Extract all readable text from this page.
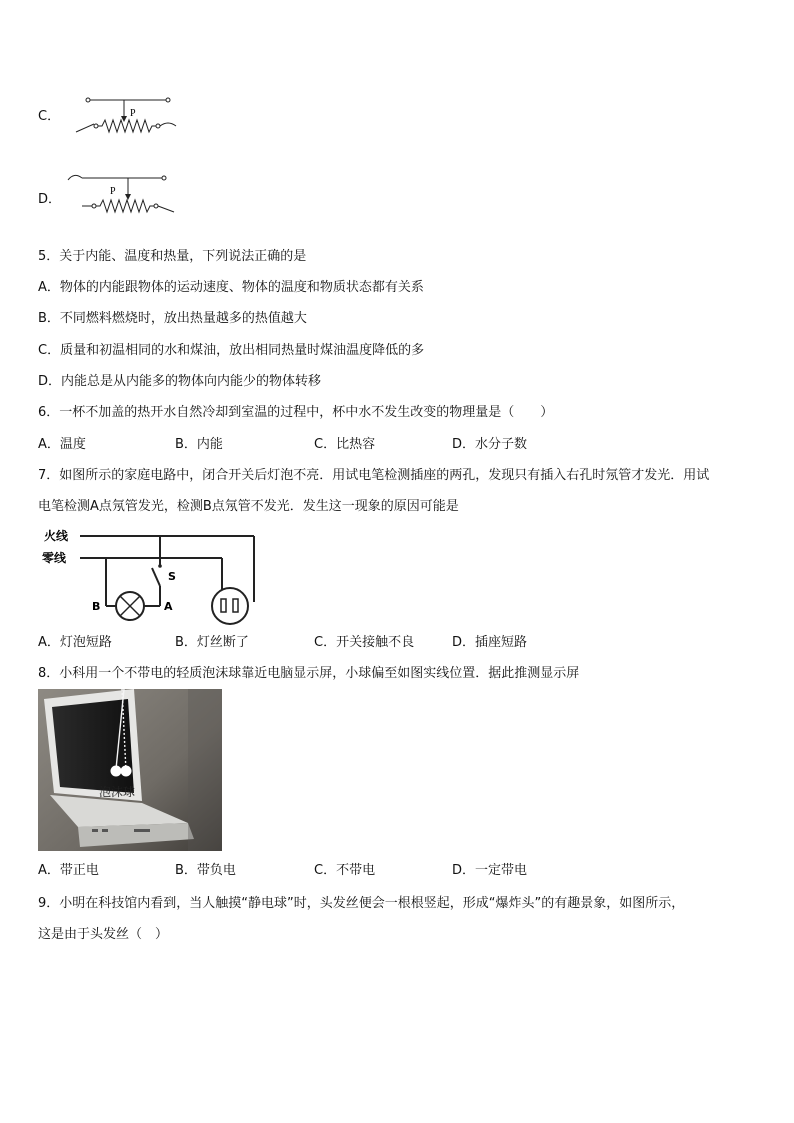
C．	P
D．
P
5．关于内能、温度和热量，下列说法正确的是
A．物体的内能跟物体的运动速度、物体的温度和物质状态都有关系
B．不同燃料燃烧时，放出热量越多的热值越大
C．质量和初温相同的水和煤油，放出相同热量时煤油温度降低的多
D．内能总是从内能多的物体向内能少的物体转移
6．一杯不加盖的热开水自然冷却到室温的过程中，杯中水不发生改变的物理量是（　　）
A．温度	B．内能	C．比热容	D．水分子数
7．如图所示的家庭电路中，闭合开关后灯泡不亮．用试电笔检测插座的两孔，发现只有插入右孔时氖管才发光．用试
电笔检测A点氖管发光，检测B点氖管不发光．发生这一现象的原因可能是
火线
零线
S
B	A
A．灯泡短路	B．灯丝断了	C．开关接触不良	D．插座短路
8．小科用一个不带电的轻质泡沫球靠近电脑显示屏，小球偏至如图实线位置．据此推测显示屏
泡沫球
A．带正电	B．带负电	C．不带电	D．一定带电
9．小明在科技馆内看到，当人触摸“静电球”时，头发丝便会一根根竖起，形成“爆炸头”的有趣景象，如图所示，
这是由于头发丝（　）
